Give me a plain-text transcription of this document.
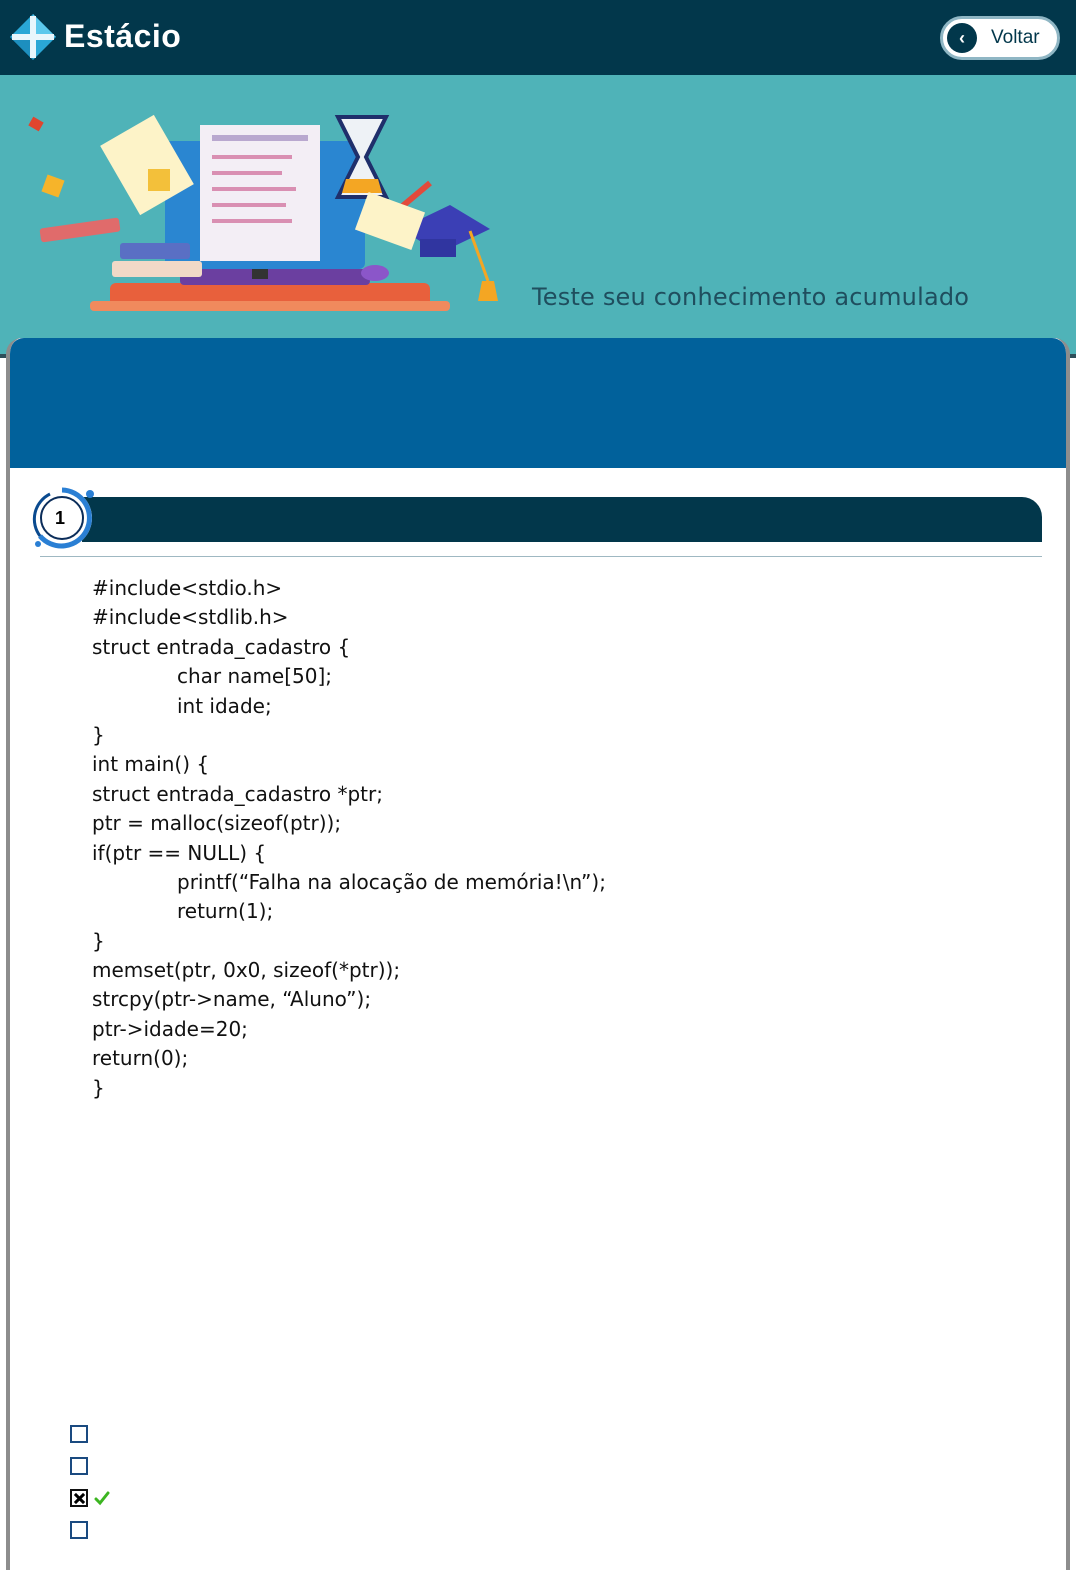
Estácio	‹	Voltar
Teste seu conhecimento acumulado
1
#include<stdio.h>
#include<stdlib.h>
struct entrada_cadastro {
char name[50];
int idade;
}
int main() {
struct entrada_cadastro *ptr;
ptr = malloc(sizeof(ptr));
if(ptr == NULL) {
printf(“Falha na alocação de memória!\n”);
return(1);
}
memset(ptr, 0x0, sizeof(*ptr));
strcpy(ptr->name, “Aluno”);
ptr->idade=20;
return(0);
}
